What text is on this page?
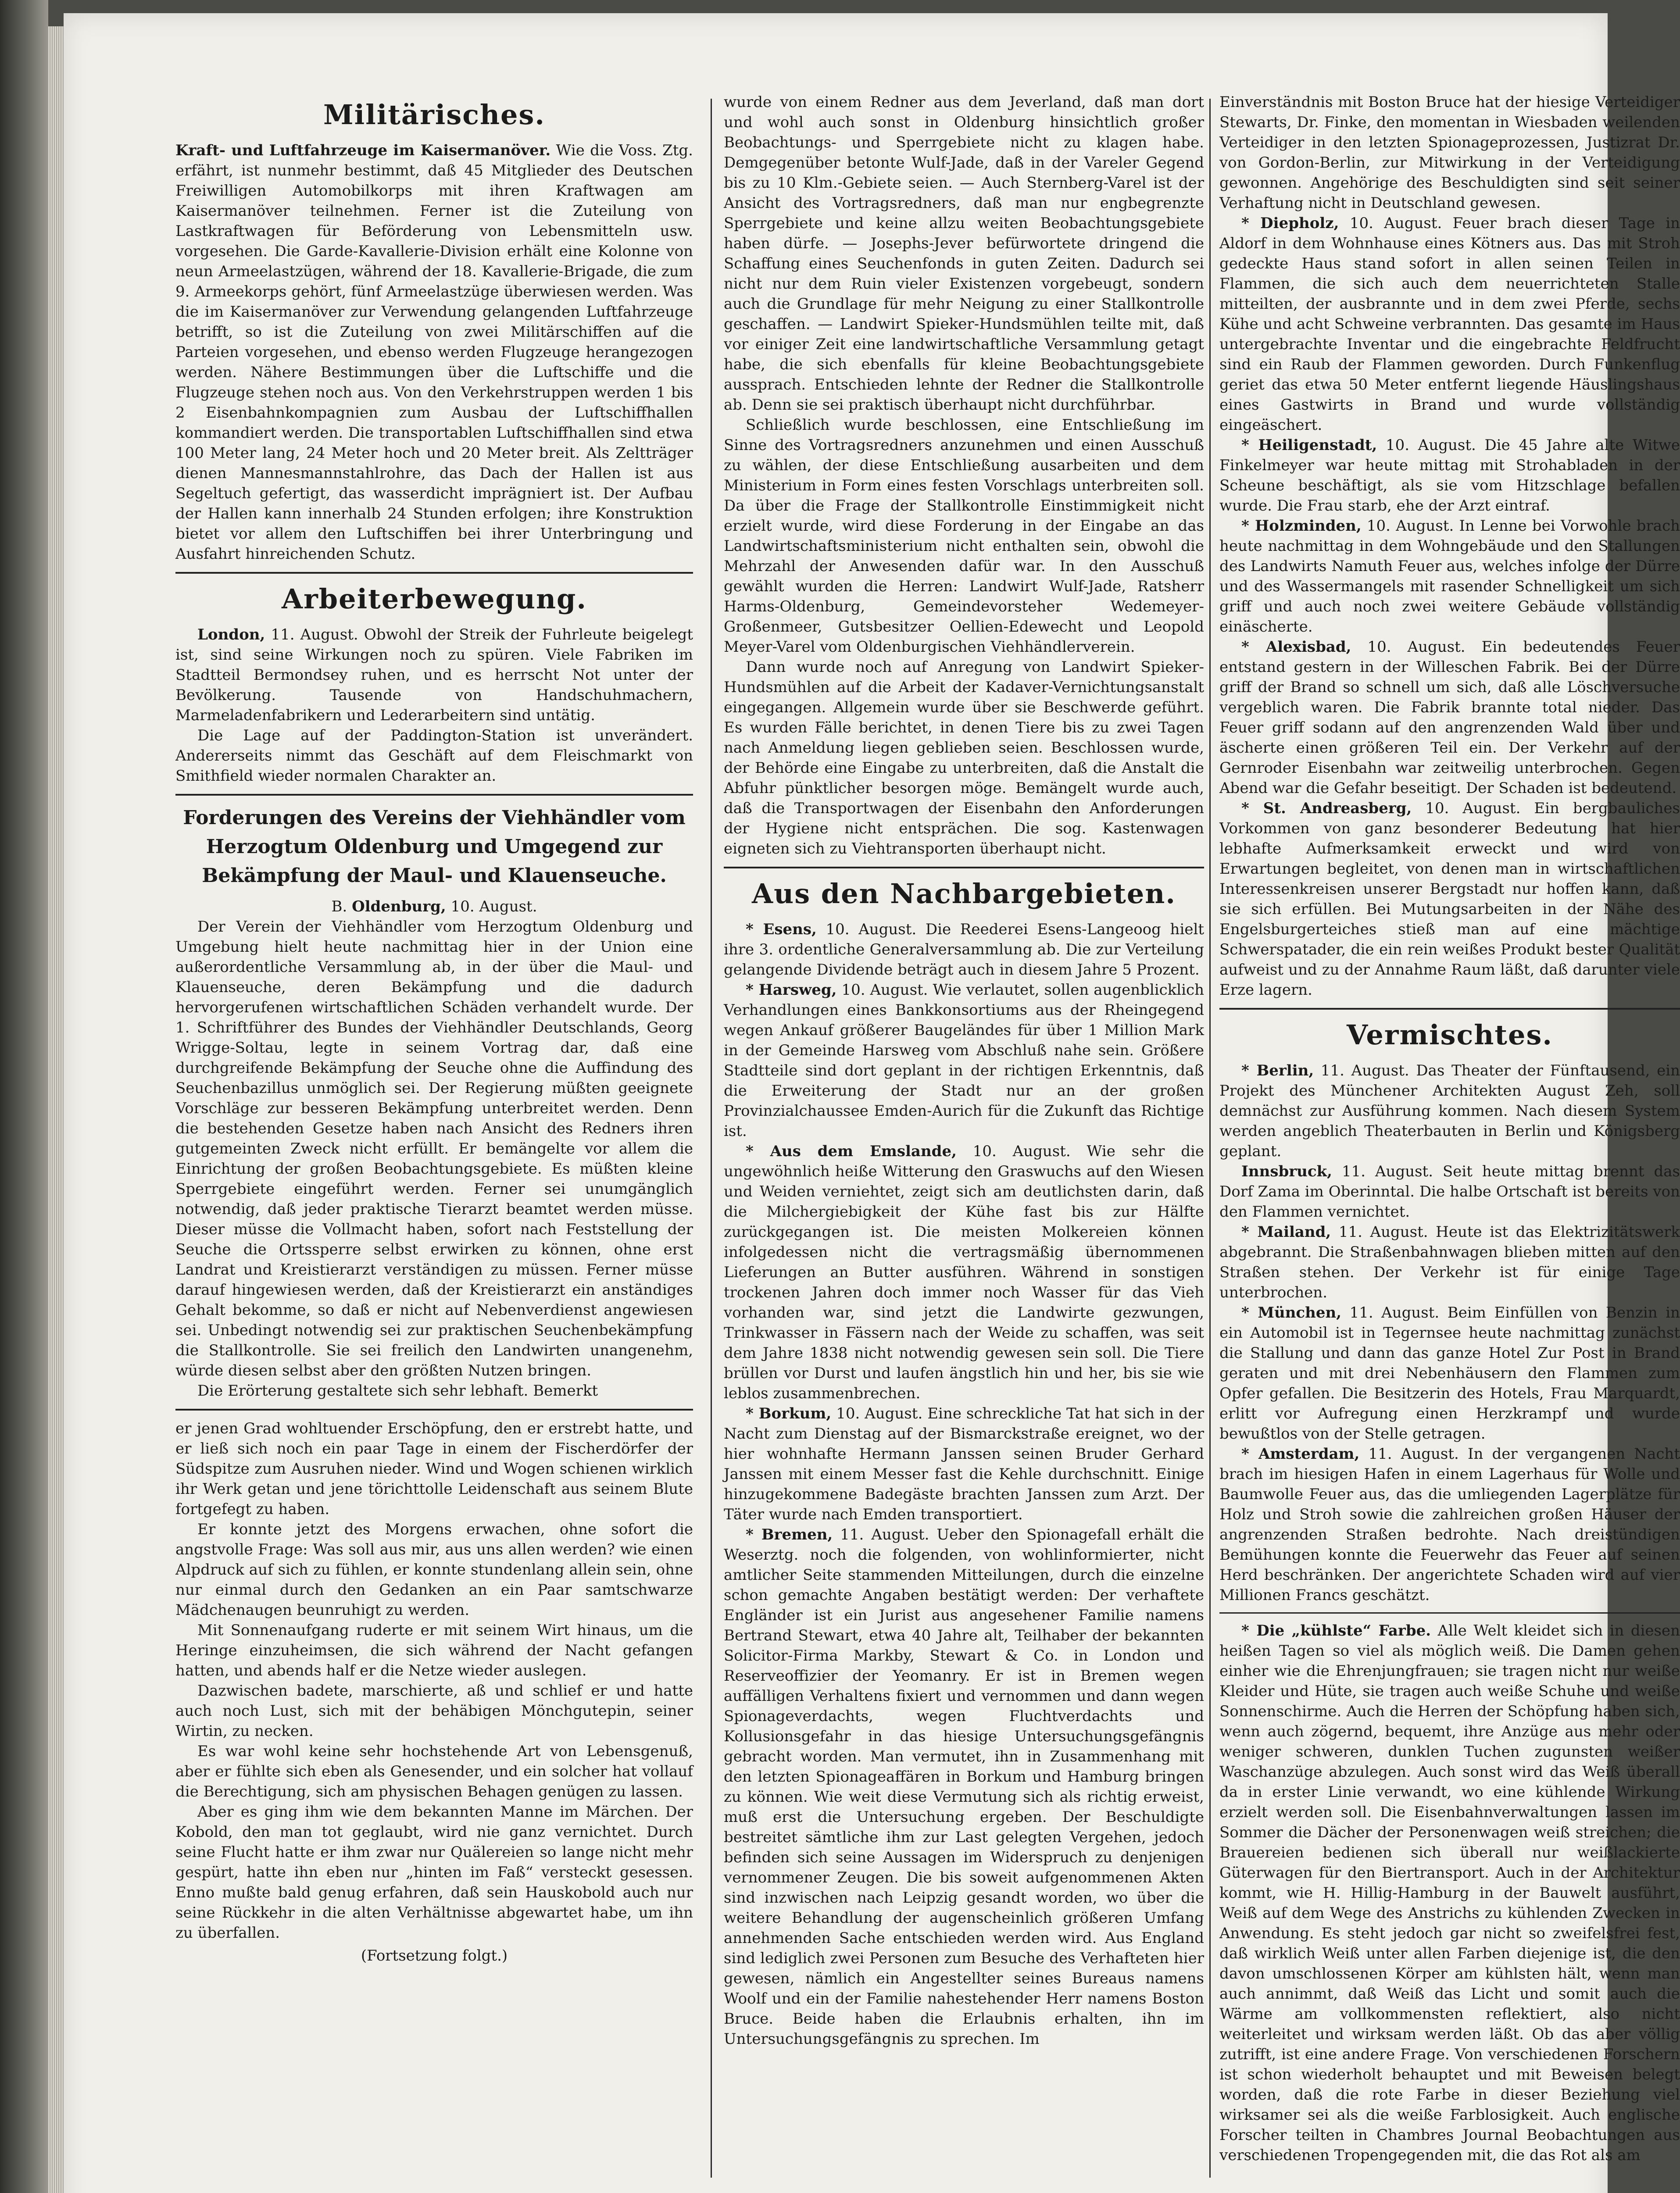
Militärisches.

Kraft- und Luftfahrzeuge im Kaisermanöver. Wie die Voss. Ztg. erfährt, ist nunmehr bestimmt, daß 45 Mitglieder des Deutschen Freiwilligen Automobilkorps mit ihren Kraftwagen am Kaisermanöver teilnehmen. Ferner ist die Zuteilung von Lastkraftwagen für Beförderung von Lebensmitteln usw. vorgesehen. Die Garde-Kavallerie-Division erhält eine Kolonne von neun Armeelastzügen, während der 18. Kavallerie-Brigade, die zum 9. Armeekorps gehört, fünf Armeelastzüge überwiesen werden. Was die im Kaisermanöver zur Verwendung gelangenden Luftfahrzeuge betrifft, so ist die Zuteilung von zwei Militärschiffen auf die Parteien vorgesehen, und ebenso werden Flugzeuge herangezogen werden. Nähere Bestimmungen über die Luftschiffe und die Flugzeuge stehen noch aus. Von den Verkehrstruppen werden 1 bis 2 Eisenbahnkompagnien zum Ausbau der Luftschiffhallen kommandiert werden. Die transportablen Luftschiffhallen sind etwa 100 Meter lang, 24 Meter hoch und 20 Meter breit. Als Zeltträger dienen Mannesmannstahlrohre, das Dach der Hallen ist aus Segeltuch gefertigt, das wasserdicht imprägniert ist. Der Aufbau der Hallen kann innerhalb 24 Stunden erfolgen; ihre Konstruktion bietet vor allem den Luftschiffen bei ihrer Unterbringung und Ausfahrt hinreichenden Schutz.

Arbeiterbewegung.

London, 11. August. Obwohl der Streik der Fuhrleute beigelegt ist, sind seine Wirkungen noch zu spüren. Viele Fabriken im Stadtteil Bermondsey ruhen, und es herrscht Not unter der Bevölkerung. Tausende von Handschuhmachern, Marmeladenfabrikern und Lederarbeitern sind untätig.

Die Lage auf der Paddington-Station ist unverändert. Andererseits nimmt das Geschäft auf dem Fleischmarkt von Smithfield wieder normalen Charakter an.

Forderungen des Vereins der Viehhändler vom Herzogtum Oldenburg und Umgegend zur Bekämpfung der Maul- und Klauenseuche.

B. Oldenburg, 10. August.

Der Verein der Viehhändler vom Herzogtum Oldenburg und Umgebung hielt heute nachmittag hier in der Union eine außerordentliche Versammlung ab, in der über die Maul- und Klauenseuche, deren Bekämpfung und die dadurch hervorgerufenen wirtschaftlichen Schäden verhandelt wurde. Der 1. Schriftführer des Bundes der Viehhändler Deutschlands, Georg Wrigge-Soltau, legte in seinem Vortrag dar, daß eine durchgreifende Bekämpfung der Seuche ohne die Auffindung des Seuchenbazillus unmöglich sei. Der Regierung müßten geeignete Vorschläge zur besseren Bekämpfung unterbreitet werden. Denn die bestehenden Gesetze haben nach Ansicht des Redners ihren gutgemeinten Zweck nicht erfüllt. Er bemängelte vor allem die Einrichtung der großen Beobachtungsgebiete. Es müßten kleine Sperrgebiete eingeführt werden. Ferner sei unumgänglich notwendig, daß jeder praktische Tierarzt beamtet werden müsse. Dieser müsse die Vollmacht haben, sofort nach Feststellung der Seuche die Ortssperre selbst erwirken zu können, ohne erst Landrat und Kreistierarzt verständigen zu müssen. Ferner müsse darauf hingewiesen werden, daß der Kreistierarzt ein anständiges Gehalt bekomme, so daß er nicht auf Nebenverdienst angewiesen sei. Unbedingt notwendig sei zur praktischen Seuchenbekämpfung die Stallkontrolle. Sie sei freilich den Landwirten unangenehm, würde diesen selbst aber den größten Nutzen bringen.

Die Erörterung gestaltete sich sehr lebhaft. Bemerkt

er jenen Grad wohltuender Erschöpfung, den er erstrebt hatte, und er ließ sich noch ein paar Tage in einem der Fischerdörfer der Südspitze zum Ausruhen nieder. Wind und Wogen schienen wirklich ihr Werk getan und jene törichttolle Leidenschaft aus seinem Blute fortgefegt zu haben.

Er konnte jetzt des Morgens erwachen, ohne sofort die angstvolle Frage: Was soll aus mir, aus uns allen werden? wie einen Alpdruck auf sich zu fühlen, er konnte stundenlang allein sein, ohne nur einmal durch den Gedanken an ein Paar samtschwarze Mädchenaugen beunruhigt zu werden.

Mit Sonnenaufgang ruderte er mit seinem Wirt hinaus, um die Heringe einzuheimsen, die sich während der Nacht gefangen hatten, und abends half er die Netze wieder auslegen.

Dazwischen badete, marschierte, aß und schlief er und hatte auch noch Lust, sich mit der behäbigen Mönchgutерin, seiner Wirtin, zu necken.

Es war wohl keine sehr hochstehende Art von Lebensgenuß, aber er fühlte sich eben als Genesender, und ein solcher hat vollauf die Berechtigung, sich am physischen Behagen genügen zu lassen.

Aber es ging ihm wie dem bekannten Manne im Märchen. Der Kobold, den man tot geglaubt, wird nie ganz vernichtet. Durch seine Flucht hatte er ihm zwar nur Quälereien so lange nicht mehr gespürt, hatte ihn eben nur „hinten im Faß“ versteckt gesessen. Enno mußte bald genug erfahren, daß sein Hauskobold auch nur seine Rückkehr in die alten Verhältnisse abgewartet habe, um ihn zu überfallen.

(Fortsetzung folgt.)

wurde von einem Redner aus dem Jeverland, daß man dort und wohl auch sonst in Oldenburg hinsichtlich großer Beobachtungs- und Sperrgebiete nicht zu klagen habe. Demgegenüber betonte Wulf-Jade, daß in der Vareler Gegend bis zu 10 Klm.-Gebiete seien. — Auch Sternberg-Varel ist der Ansicht des Vortragsredners, daß man nur engbegrenzte Sperrgebiete und keine allzu weiten Beobachtungsgebiete haben dürfe. — Josephs-Jever befürwortete dringend die Schaffung eines Seuchenfonds in guten Zeiten. Dadurch sei nicht nur dem Ruin vieler Existenzen vorgebeugt, sondern auch die Grundlage für mehr Neigung zu einer Stallkontrolle geschaffen. — Landwirt Spieker-Hundsmühlen teilte mit, daß vor einiger Zeit eine landwirtschaftliche Versammlung getagt habe, die sich ebenfalls für kleine Beobachtungsgebiete aussprach. Entschieden lehnte der Redner die Stallkontrolle ab. Denn sie sei praktisch überhaupt nicht durchführbar.

Schließlich wurde beschlossen, eine Entschließung im Sinne des Vortragsredners anzunehmen und einen Ausschuß zu wählen, der diese Entschließung ausarbeiten und dem Ministerium in Form eines festen Vorschlags unterbreiten soll. Da über die Frage der Stallkontrolle Einstimmigkeit nicht erzielt wurde, wird diese Forderung in der Eingabe an das Landwirtschaftsministerium nicht enthalten sein, obwohl die Mehrzahl der Anwesenden dafür war. In den Ausschuß gewählt wurden die Herren: Landwirt Wulf-Jade, Ratsherr Harms-Oldenburg, Gemeindevorsteher Wedemeyer-Großenmeer, Gutsbesitzer Oellien-Edewecht und Leopold Meyer-Varel vom Oldenburgischen Viehhändlerverein.

Dann wurde noch auf Anregung von Landwirt Spieker-Hundsmühlen auf die Arbeit der Kadaver-Vernichtungsanstalt eingegangen. Allgemein wurde über sie Beschwerde geführt. Es wurden Fälle berichtet, in denen Tiere bis zu zwei Tagen nach Anmeldung liegen geblieben seien. Beschlossen wurde, der Behörde eine Eingabe zu unterbreiten, daß die Anstalt die Abfuhr pünktlicher besorgen möge. Bemängelt wurde auch, daß die Transportwagen der Eisenbahn den Anforderungen der Hygiene nicht entsprächen. Die sog. Kastenwagen eigneten sich zu Viehtransporten überhaupt nicht.

Aus den Nachbargebieten.

* Esens, 10. August. Die Reederei Esens-Langeoog hielt ihre 3. ordentliche Generalversammlung ab. Die zur Verteilung gelangende Dividende beträgt auch in diesem Jahre 5 Prozent.

* Harsweg, 10. August. Wie verlautet, sollen augenblicklich Verhandlungen eines Bankkonsortiums aus der Rheingegend wegen Ankauf größerer Baugeländes für über 1 Million Mark in der Gemeinde Harsweg vom Abschluß nahe sein. Größere Stadtteile sind dort geplant in der richtigen Erkenntnis, daß die Erweiterung der Stadt nur an der großen Provinzialchaussee Emden-Aurich für die Zukunft das Richtige ist.

* Aus dem Emslande, 10. August. Wie sehr die ungewöhnlich heiße Witterung den Graswuchs auf den Wiesen und Weiden verniehtet, zeigt sich am deutlichsten darin, daß die Milchergiebigkeit der Kühe fast bis zur Hälfte zurückgegangen ist. Die meisten Molkereien können infolgedessen nicht die vertragsmäßig übernommenen Lieferungen an Butter ausführen. Während in sonstigen trockenen Jahren doch immer noch Wasser für das Vieh vorhanden war, sind jetzt die Landwirte gezwungen, Trinkwasser in Fässern nach der Weide zu schaffen, was seit dem Jahre 1838 nicht notwendig gewesen sein soll. Die Tiere brüllen vor Durst und laufen ängstlich hin und her, bis sie wie leblos zusammenbrechen.

* Borkum, 10. August. Eine schreckliche Tat hat sich in der Nacht zum Dienstag auf der Bismarckstraße ereignet, wo der hier wohnhafte Hermann Janssen seinen Bruder Gerhard Janssen mit einem Messer fast die Kehle durchschnitt. Einige hinzugekommene Badegäste brachten Janssen zum Arzt. Der Täter wurde nach Emden transportiert.

* Bremen, 11. August. Ueber den Spionagefall erhält die Weserztg. noch die folgenden, von wohlinformierter, nicht amtlicher Seite stammenden Mitteilungen, durch die einzelne schon gemachte Angaben bestätigt werden: Der verhaftete Engländer ist ein Jurist aus angesehener Familie namens Bertrand Stewart, etwa 40 Jahre alt, Teilhaber der bekannten Solicitor-Firma Markby, Stewart & Co. in London und Reserveoffizier der Yeomanry. Er ist in Bremen wegen auffälligen Verhaltens fixiert und vernommen und dann wegen Spionageverdachts, wegen Fluchtverdachts und Kollusionsgefahr in das hiesige Untersuchungsgefängnis gebracht worden. Man vermutet, ihn in Zusammenhang mit den letzten Spionageaffären in Borkum und Hamburg bringen zu können. Wie weit diese Vermutung sich als richtig erweist, muß erst die Untersuchung ergeben. Der Beschuldigte bestreitet sämtliche ihm zur Last gelegten Vergehen, jedoch befinden sich seine Aussagen im Widerspruch zu denjenigen vernommener Zeugen. Die bis soweit aufgenommenen Akten sind inzwischen nach Leipzig gesandt worden, wo über die weitere Behandlung der augenscheinlich größeren Umfang annehmenden Sache entschieden werden wird. Aus England sind lediglich zwei Personen zum Besuche des Verhafteten hier gewesen, nämlich ein Angestellter seines Bureaus namens Woolf und ein der Familie nahestehender Herr namens Boston Bruce. Beide haben die Erlaubnis erhalten, ihn im Untersuchungsgefängnis zu sprechen. Im

Einverständnis mit Boston Bruce hat der hiesige Verteidiger Stewarts, Dr. Finke, den momentan in Wiesbaden weilenden Verteidiger in den letzten Spionageprozessen, Justizrat Dr. von Gordon-Berlin, zur Mitwirkung in der Verteidigung gewonnen. Angehörige des Beschuldigten sind seit seiner Verhaftung nicht in Deutschland gewesen.

* Diepholz, 10. August. Feuer brach dieser Tage in Aldorf in dem Wohnhause eines Kötners aus. Das mit Stroh gedeckte Haus stand sofort in allen seinen Teilen in Flammen, die sich auch dem neuerrichteten Stalle mitteilten, der ausbrannte und in dem zwei Pferde, sechs Kühe und acht Schweine verbrannten. Das gesamte im Haus untergebrachte Inventar und die eingebrachte Feldfrucht sind ein Raub der Flammen geworden. Durch Funkenflug geriet das etwa 50 Meter entfernt liegende Häuslingshaus eines Gastwirts in Brand und wurde vollständig eingeäschert.

* Heiligenstadt, 10. August. Die 45 Jahre alte Witwe Finkelmeyer war heute mittag mit Strohabladen in der Scheune beschäftigt, als sie vom Hitzschlage befallen wurde. Die Frau starb, ehe der Arzt eintraf.

* Holzminden, 10. August. In Lenne bei Vorwohle brach heute nachmittag in dem Wohngebäude und den Stallungen des Landwirts Namuth Feuer aus, welches infolge der Dürre und des Wassermangels mit rasender Schnelligkeit um sich griff und auch noch zwei weitere Gebäude vollständig einäscherte.

* Alexisbad, 10. August. Ein bedeutendes Feuer entstand gestern in der Willeschen Fabrik. Bei der Dürre griff der Brand so schnell um sich, daß alle Löschversuche vergeblich waren. Die Fabrik brannte total nieder. Das Feuer griff sodann auf den angrenzenden Wald über und äscherte einen größeren Teil ein. Der Verkehr auf der Gernroder Eisenbahn war zeitweilig unterbrochen. Gegen Abend war die Gefahr beseitigt. Der Schaden ist bedeutend.

* St. Andreasberg, 10. August. Ein bergbauliches Vorkommen von ganz besonderer Bedeutung hat hier lebhafte Aufmerksamkeit erweckt und wird von Erwartungen begleitet, von denen man in wirtschaftlichen Interessenkreisen unserer Bergstadt nur hoffen kann, daß sie sich erfüllen. Bei Mutungsarbeiten in der Nähe des Engelsburgerteiches stieß man auf eine mächtige Schwerspatader, die ein rein weißes Produkt bester Qualität aufweist und zu der Annahme Raum läßt, daß darunter viele Erze lagern.

Vermischtes.

* Berlin, 11. August. Das Theater der Fünftausend, ein Projekt des Münchener Architekten August Zeh, soll demnächst zur Ausführung kommen. Nach diesem System werden angeblich Theaterbauten in Berlin und Königsberg geplant.

Innsbruck, 11. August. Seit heute mittag brennt das Dorf Zama im Oberinntal. Die halbe Ortschaft ist bereits von den Flammen vernichtet.

* Mailand, 11. August. Heute ist das Elektrizitätswerk abgebrannt. Die Straßenbahnwagen blieben mitten auf den Straßen stehen. Der Verkehr ist für einige Tage unterbrochen.

* München, 11. August. Beim Einfüllen von Benzin in ein Automobil ist in Tegernsee heute nachmittag zunächst die Stallung und dann das ganze Hotel Zur Post in Brand geraten und mit drei Nebenhäusern den Flammen zum Opfer gefallen. Die Besitzerin des Hotels, Frau Marquardt, erlitt vor Aufregung einen Herzkrampf und wurde bewußtlos von der Stelle getragen.

* Amsterdam, 11. August. In der vergangenen Nacht brach im hiesigen Hafen in einem Lagerhaus für Wolle und Baumwolle Feuer aus, das die umliegenden Lagerplätze für Holz und Stroh sowie die zahlreichen großen Häuser der angrenzenden Straßen bedrohte. Nach dreistündigen Bemühungen konnte die Feuerwehr das Feuer auf seinen Herd beschränken. Der angerichtete Schaden wird auf vier Millionen Francs geschätzt.

* Die „kühlste“ Farbe. Alle Welt kleidet sich in diesen heißen Tagen so viel als möglich weiß. Die Damen gehen einher wie die Ehrenjungfrauen; sie tragen nicht nur weiße Kleider und Hüte, sie tragen auch weiße Schuhe und weiße Sonnenschirme. Auch die Herren der Schöpfung haben sich, wenn auch zögernd, bequemt, ihre Anzüge aus mehr oder weniger schweren, dunklen Tuchen zugunsten weißer Waschanzüge abzulegen. Auch sonst wird das Weiß überall da in erster Linie verwandt, wo eine kühlende Wirkung erzielt werden soll. Die Eisenbahnverwaltungen lassen im Sommer die Dächer der Personenwagen weiß streichen; die Brauereien bedienen sich überall nur weißlackierte Güterwagen für den Biertransport. Auch in der Architektur kommt, wie H. Hillig-Hamburg in der Bauwelt ausführt, Weiß auf dem Wege des Anstrichs zu kühlenden Zwecken in Anwendung. Es steht jedoch gar nicht so zweifelsfrei fest, daß wirklich Weiß unter allen Farben diejenige ist, die den davon umschlossenen Körper am kühlsten hält, wenn man auch annimmt, daß Weiß das Licht und somit auch die Wärme am vollkommensten reflektiert, also nicht weiterleitet und wirksam werden läßt. Ob das aber völlig zutrifft, ist eine andere Frage. Von verschiedenen Forschern ist schon wiederholt behauptet und mit Beweisen belegt worden, daß die rote Farbe in dieser Beziehung viel wirksamer sei als die weiße Farblosigkeit. Auch englische Forscher teilten in Chambres Journal Beobachtungen aus verschiedenen Tropengegenden mit, die das Rot als am
